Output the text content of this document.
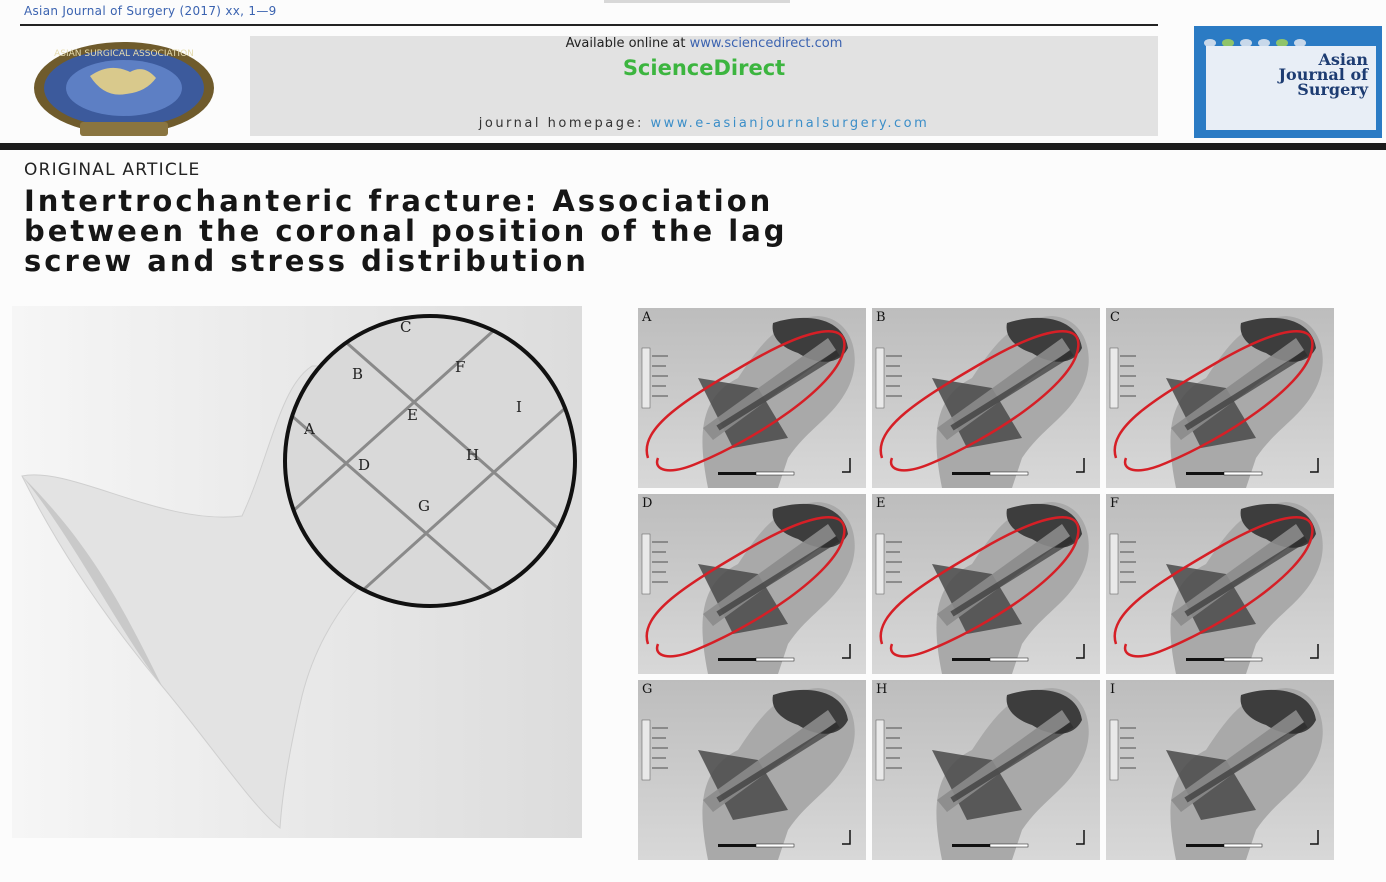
Asian Journal of Surgery (2017) xx, 1—9
ASIAN SURGICAL ASSOCIATION
Available online at www.sciencedirect.com
ScienceDirect
journal homepage: www.e-asianjournalsurgery.com
Asian
Journal of
Surgery
ORIGINAL ARTICLE
Intertrochanteric fracture: Association
between the coronal position of the lag
screw and stress distribution
A
B
C
D
E
F
G
H
I
A	B	C
D	E	F
G	H	I
